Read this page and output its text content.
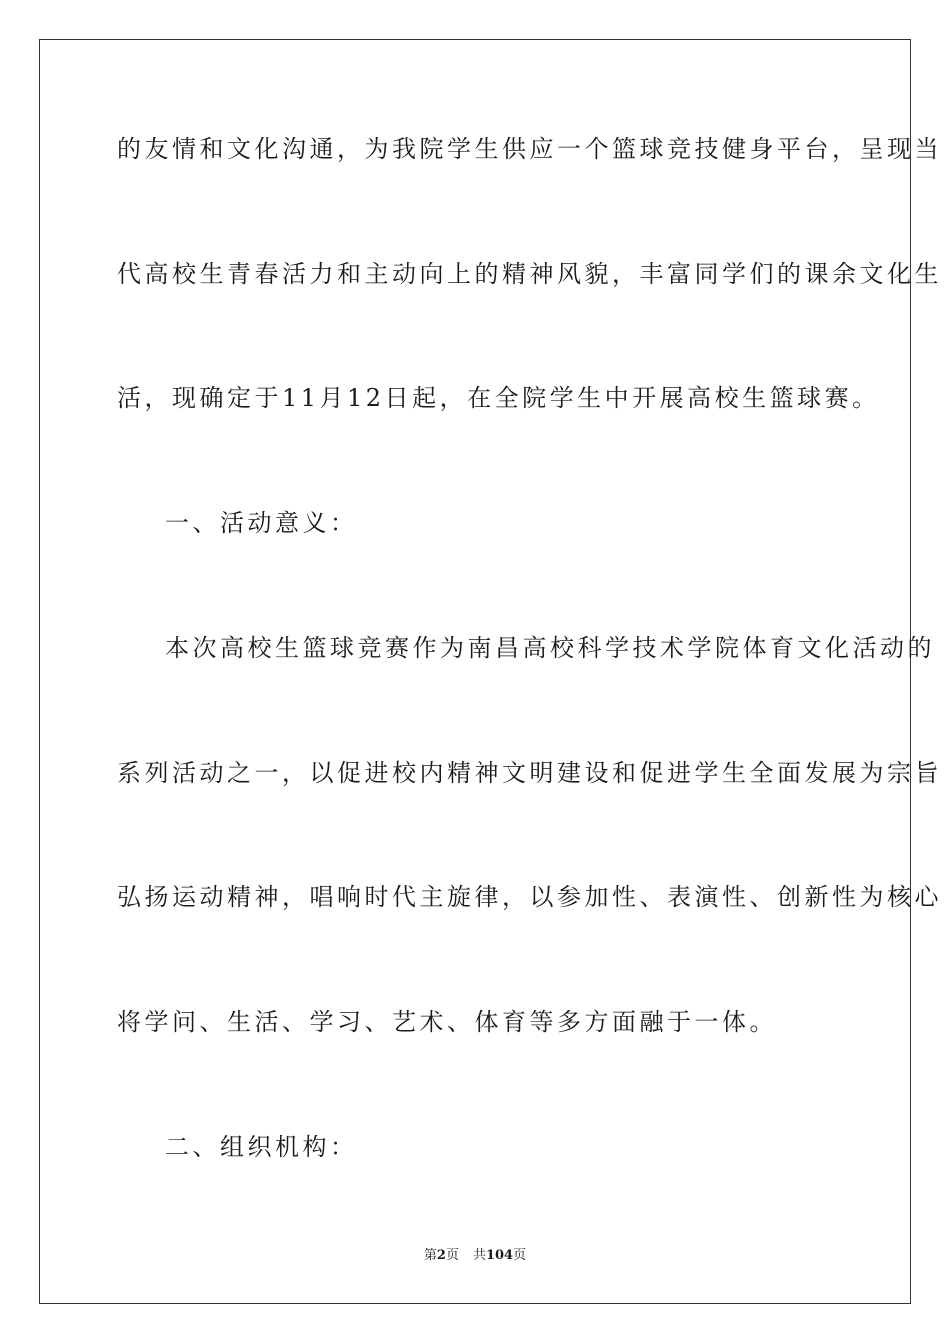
的友情和文化沟通，为我院学生供应一个篮球竞技健身平台，呈现当
代高校生青春活力和主动向上的精神风貌，丰富同学们的课余文化生
活，现确定于11月12日起，在全院学生中开展高校生篮球赛。
一、活动意义：
本次高校生篮球竞赛作为南昌高校科学技术学院体育文化活动的
系列活动之一，以促进校内精神文明建设和促进学生全面发展为宗旨
弘扬运动精神，唱响时代主旋律，以参加性、表演性、创新性为核心
将学问、生活、学习、艺术、体育等多方面融于一体。
二、组织机构：
第2页 共104页
